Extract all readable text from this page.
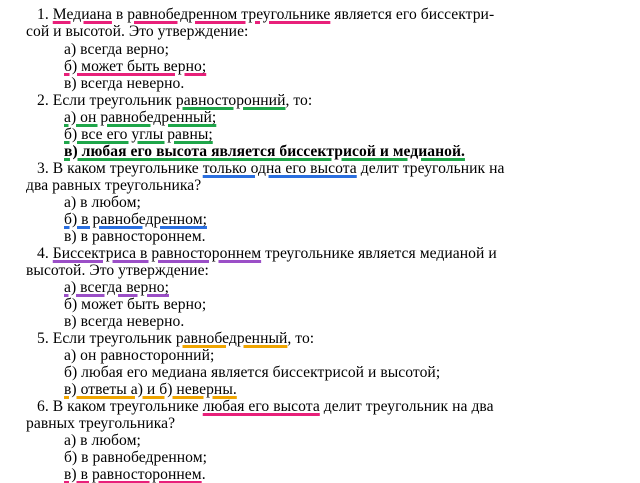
1. Медиана в равнобедренном треугольнике является его биссектри-
сой и высотой. Это утверждение:
а) всегда верно;
б) может быть верно;
в) всегда неверно.
2. Если треугольник равносторонний, то:
а) он равнобедренный;
б) все его углы равны;
в) любая его высота является биссектрисой и медианой.
3. В каком треугольнике только одна его высота делит треугольник на
два равных треугольника?
а) в любом;
б) в равнобедренном;
в) в равностороннем.
4. Биссектриса в равностороннем треугольнике является медианой и
высотой. Это утверждение:
а) всегда верно;
б) может быть верно;
в) всегда неверно.
5. Если треугольник равнобедренный, то:
а) он равносторонний;
б) любая его медиана является биссектрисой и высотой;
в) ответы а) и б) неверны.
6. В каком треугольнике любая его высота делит треугольник на два
равных треугольника?
а) в любом;
б) в равнобедренном;
в) в равностороннем.
